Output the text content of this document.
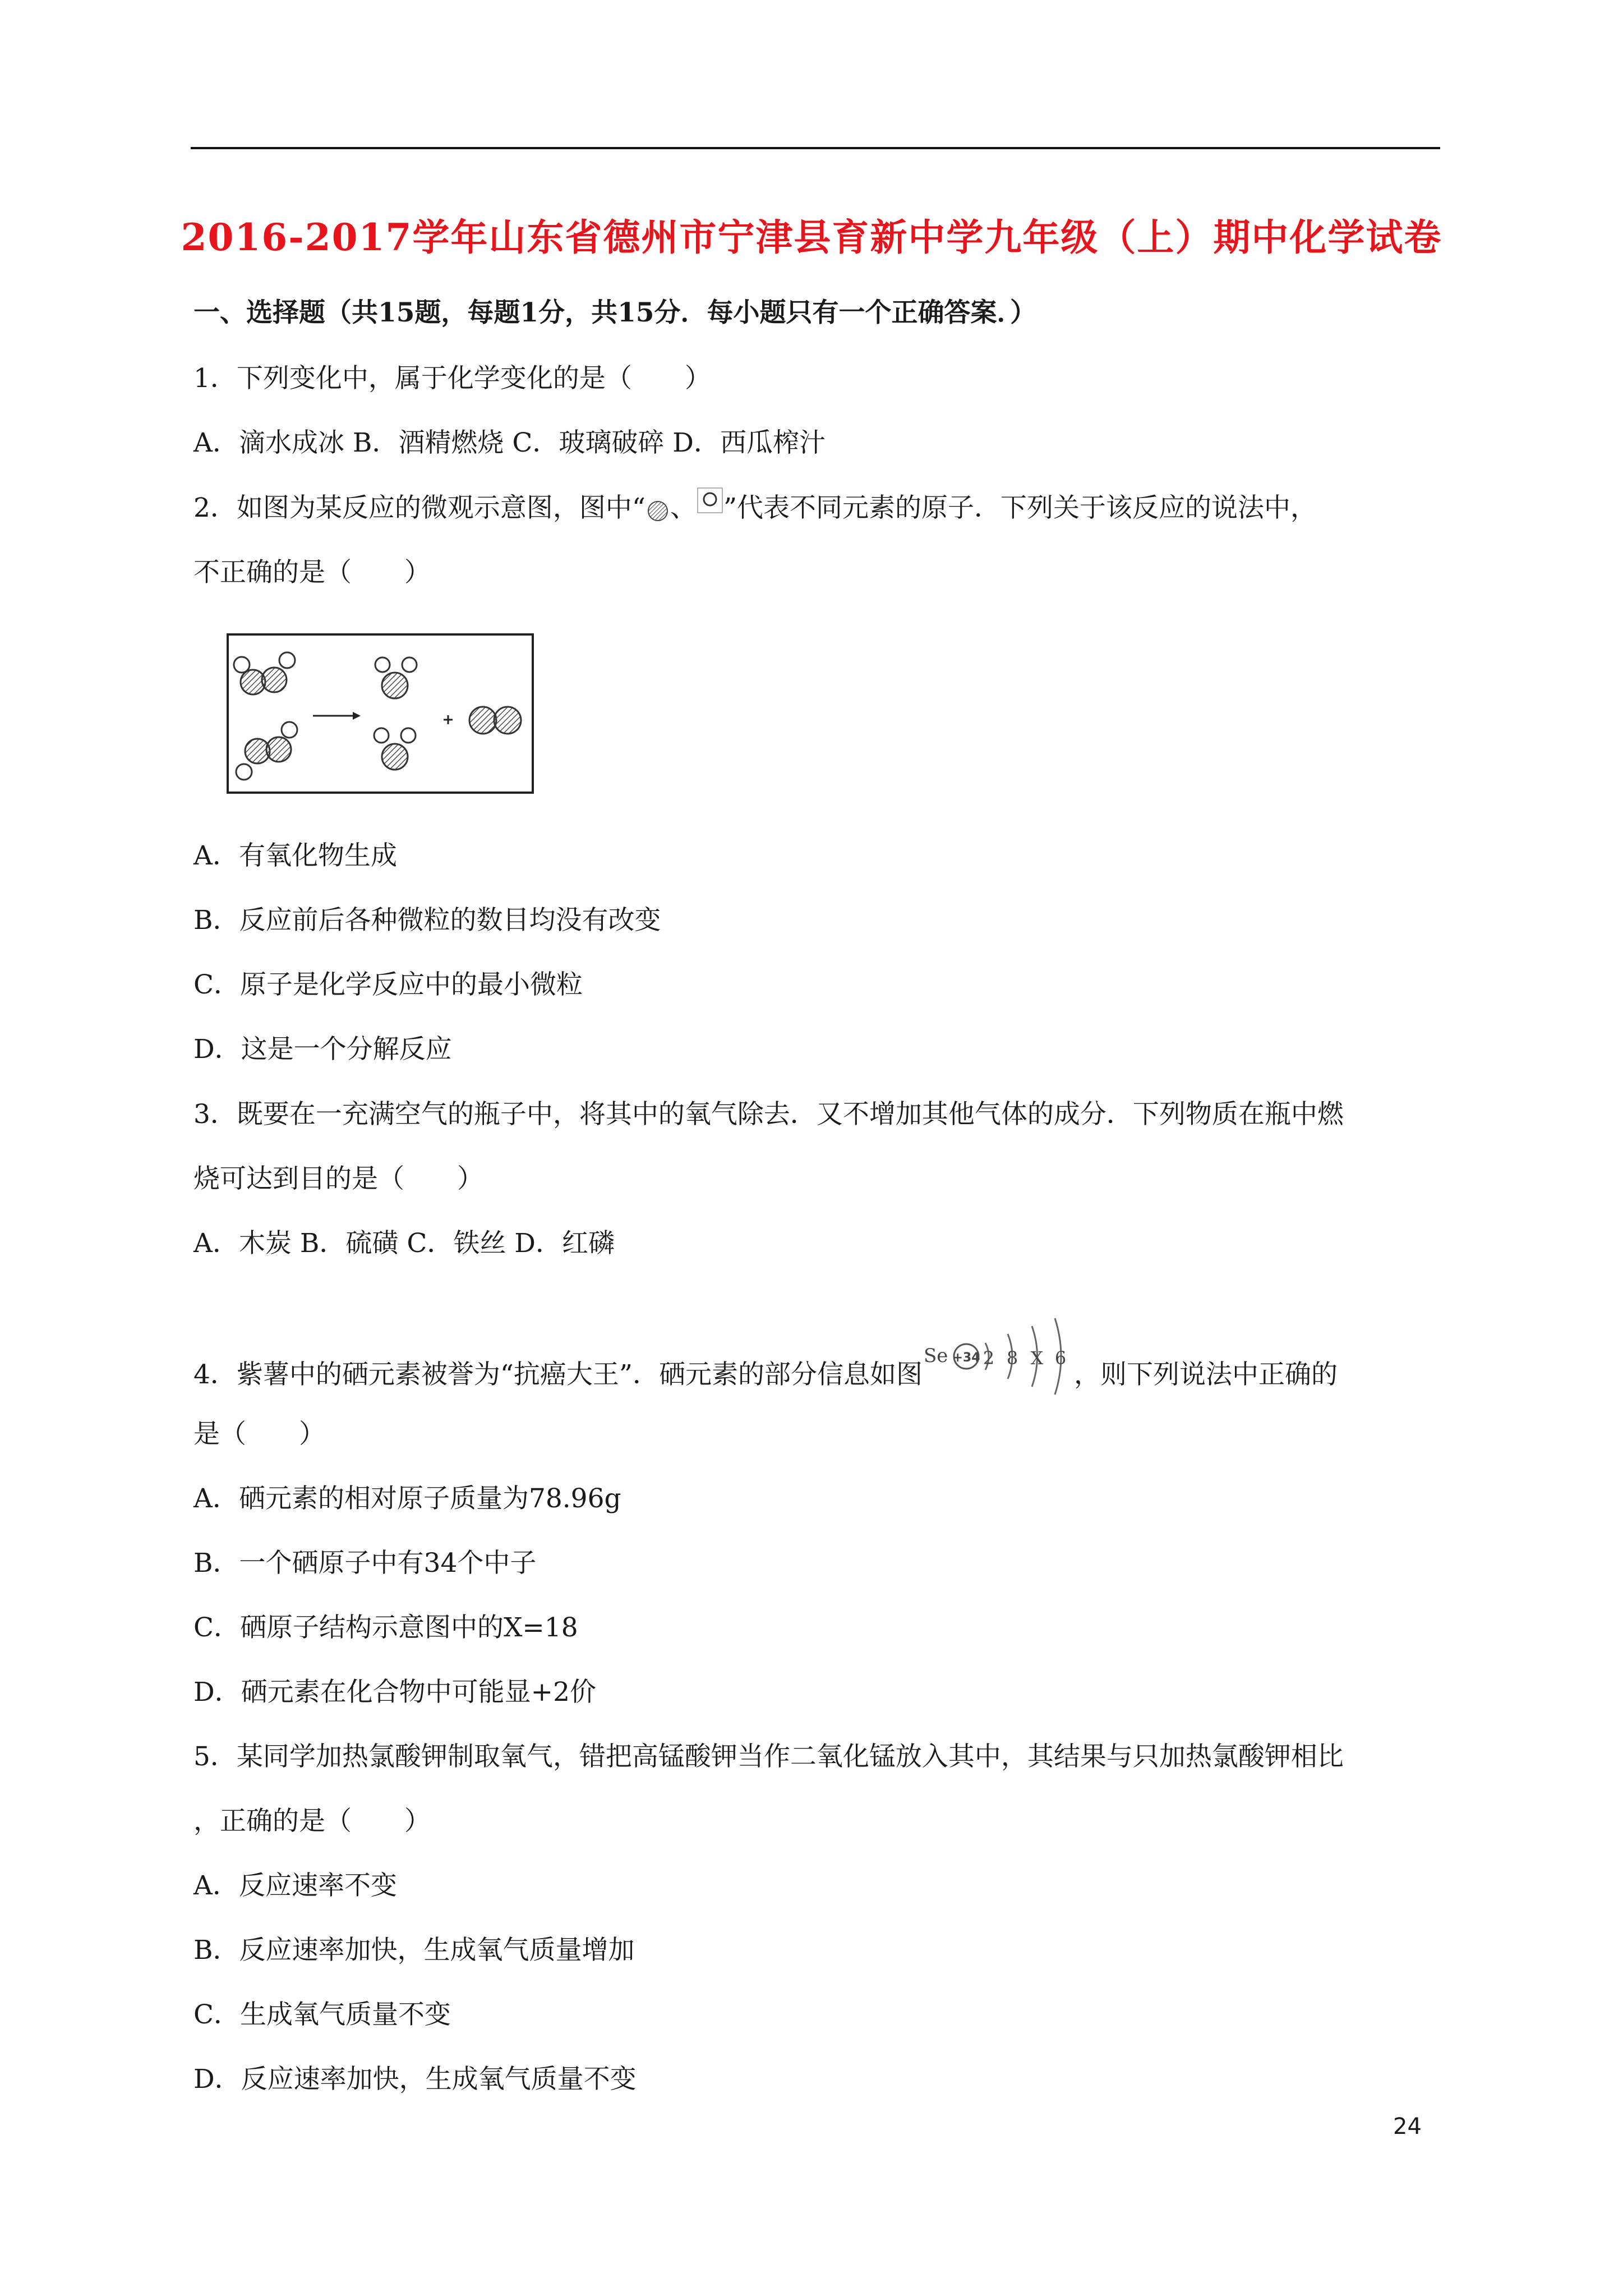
2016-2017学年山东省德州市宁津县育新中学九年级（上）期中化学试卷
一、选择题（共15题，每题1分，共15分．每小题只有一个正确答案．）
1．下列变化中，属于化学变化的是（　　）
A．滴水成冰 B．酒精燃烧 C．玻璃破碎 D．西瓜榨汁
2．如图为某反应的微观示意图，图中“ 、 ”代表不同元素的原子．下列关于该反应的说法中，
不正确的是（　　）
A．有氧化物生成
B．反应前后各种微粒的数目均没有改变
C．原子是化学反应中的最小微粒
D．这是一个分解反应
3．既要在一充满空气的瓶子中，将其中的氧气除去．又不增加其他气体的成分．下列物质在瓶中燃
烧可达到目的是（　　）
A．木炭 B．硫磺 C．铁丝 D．红磷
4．紫薯中的硒元素被誉为“抗癌大王”．硒元素的部分信息如图
Se +34 2 8 X 6
，则下列说法中正确的
是（　　）
A．硒元素的相对原子质量为78.96g
B．一个硒原子中有34个中子
C．硒原子结构示意图中的X=18
D．硒元素在化合物中可能显+2价
5．某同学加热氯酸钾制取氧气，错把高锰酸钾当作二氧化锰放入其中，其结果与只加热氯酸钾相比
，正确的是（　　）
A．反应速率不变
B．反应速率加快，生成氧气质量增加
C．生成氧气质量不变
D．反应速率加快，生成氧气质量不变
24
